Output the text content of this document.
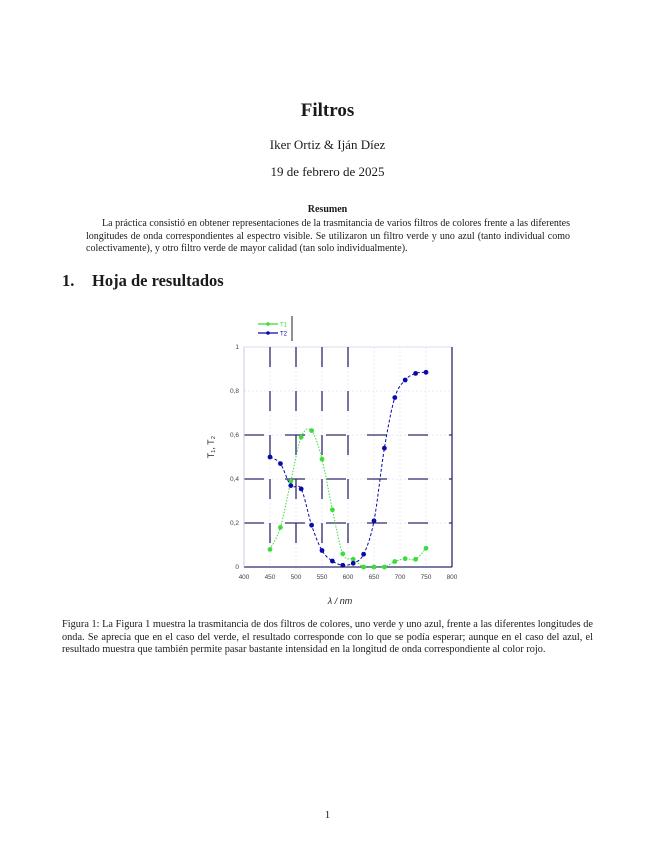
Filtros
Iker Ortiz & Iján Díez
19 de febrero de 2025
Resumen
La práctica consistió en obtener representaciones de la trasmitancia de varios filtros de colores frente a las diferentes longitudes de onda correspondientes al espectro visible. Se utilizaron un filtro verde y uno azul (tanto individual como colectivamente), y otro filtro verde de mayor calidad (tan solo individualmente).
1. Hoja de resultados
400 450 500 550 600 650 700 750 800
0
0,2
0,4
0,6
0,8
1
λ / nm
T₁, T₂
T1
T2
Figura 1: La Figura 1 muestra la trasmitancia de dos filtros de colores, uno verde y uno azul, frente a las diferentes longitudes de onda. Se aprecia que en el caso del verde, el resultado corresponde con lo que se podía esperar; aunque en el caso del azul, el resultado muestra que también permite pasar bastante intensidad en la longitud de onda correspondiente al color rojo.
1
